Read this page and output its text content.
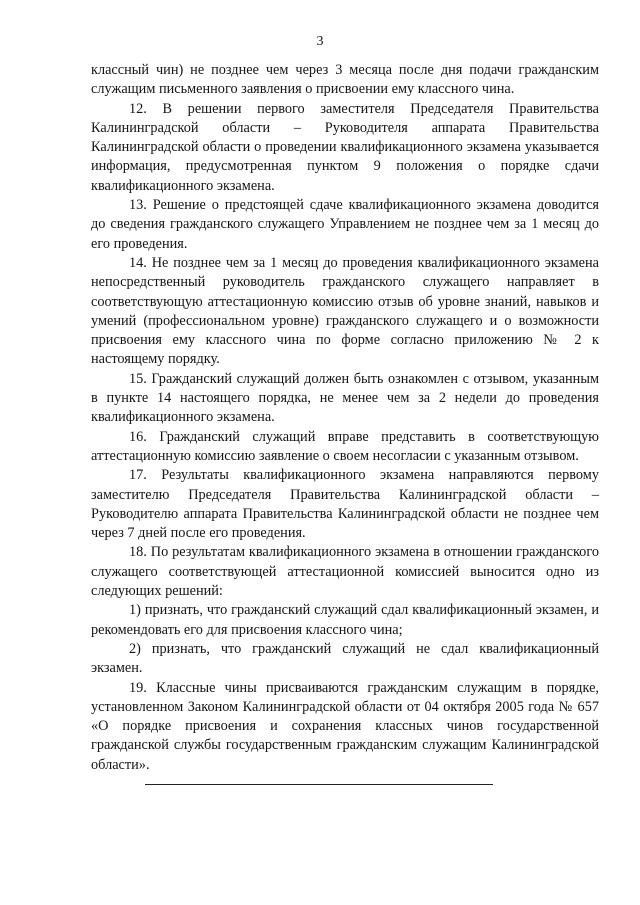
3

классный чин) не позднее чем через 3 месяца после дня подачи гражданским служащим письменного заявления о присвоении ему классного чина.

12. В решении первого заместителя Председателя Правительства Калининградской области – Руководителя аппарата Правительства Калининградской области о проведении квалификационного экзамена указывается информация, предусмотренная пунктом 9 положения о порядке сдачи квалификационного экзамена.

13. Решение о предстоящей сдаче квалификационного экзамена доводится до сведения гражданского служащего Управлением не позднее чем за 1 месяц до его проведения.

14. Не позднее чем за 1 месяц до проведения квалификационного экзамена непосредственный руководитель гражданского служащего направляет в соответствующую аттестационную комиссию отзыв об уровне знаний, навыков и умений (профессиональном уровне) гражданского служащего и о возможности присвоения ему классного чина по форме согласно приложению № 2 к настоящему порядку.

15. Гражданский служащий должен быть ознакомлен с отзывом, указанным в пункте 14 настоящего порядка, не менее чем за 2 недели до проведения квалификационного экзамена.

16. Гражданский служащий вправе представить в соответствующую аттестационную комиссию заявление о своем несогласии с указанным отзывом.

17. Результаты квалификационного экзамена направляются первому заместителю Председателя Правительства Калининградской области – Руководителю аппарата Правительства Калининградской области не позднее чем через 7 дней после его проведения.

18. По результатам квалификационного экзамена в отношении гражданского служащего соответствующей аттестационной комиссией выносится одно из следующих решений:

1) признать, что гражданский служащий сдал квалификационный экзамен, и рекомендовать его для присвоения классного чина;

2) признать, что гражданский служащий не сдал квалификационный экзамен.

19. Классные чины присваиваются гражданским служащим в порядке, установленном Законом Калининградской области от 04 октября 2005 года № 657 «О порядке присвоения и сохранения классных чинов государственной гражданской службы государственным гражданским служащим Калининградской области».
